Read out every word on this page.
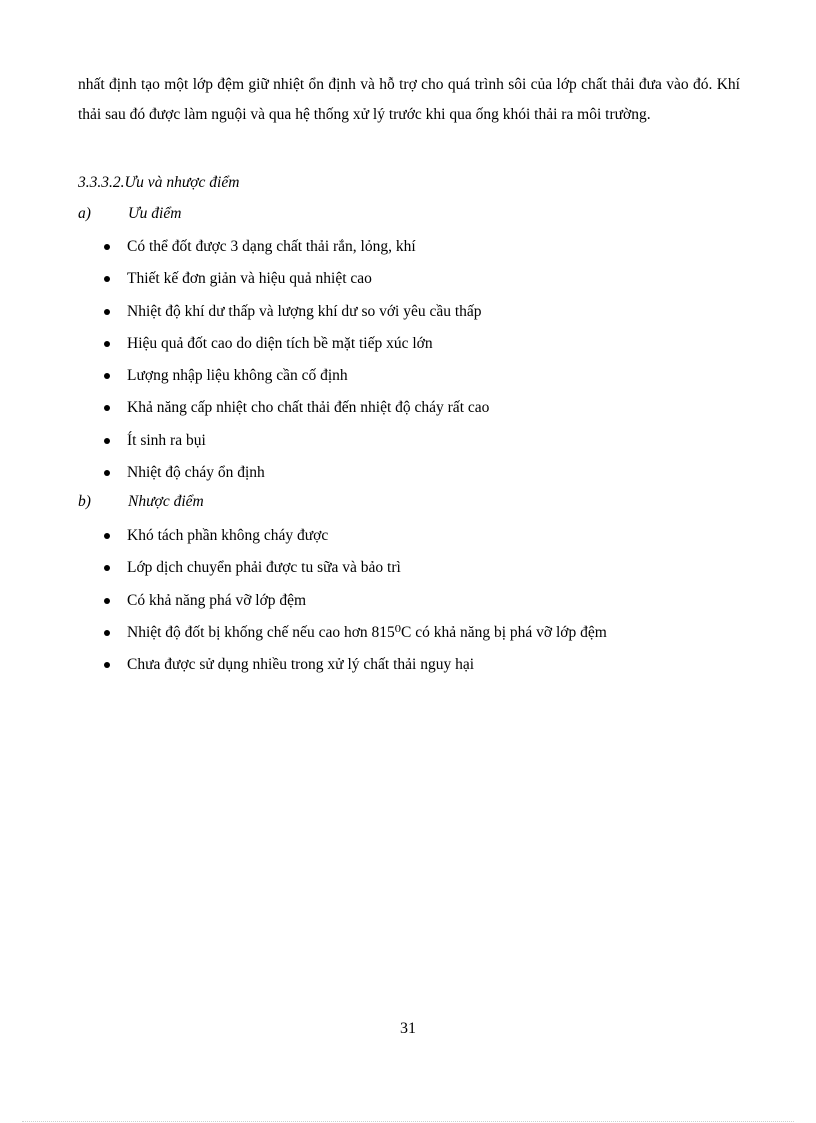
nhất định tạo một lớp đệm giữ nhiệt ổn định và hỗ trợ cho quá trình sôi của lớp chất thải đưa vào đó. Khí thải sau đó được làm nguội và qua hệ thống xử lý trước khi qua ống khói thải ra môi trường.
3.3.3.2.Ưu và nhược điểm
a) Ưu điểm
Có thể đốt được 3 dạng chất thải rắn, lỏng, khí
Thiết kế đơn giản và hiệu quả nhiệt cao
Nhiệt độ khí dư thấp và lượng khí dư so với yêu cầu thấp
Hiệu quả đốt cao do diện tích bề mặt tiếp xúc lớn
Lượng nhập liệu không cần cố định
Khả năng cấp nhiệt cho chất thải đến nhiệt độ cháy rất cao
Ít sinh ra bụi
Nhiệt độ cháy ổn định
b) Nhược điểm
Khó tách phần không cháy được
Lớp dịch chuyển phải được tu sữa và bảo trì
Có khả năng phá vỡ lớp đệm
Nhiệt độ đốt bị khống chế nếu cao hơn 815⁰C có khả năng bị phá vỡ lớp đệm
Chưa được sử dụng nhiều trong xử lý chất thải nguy hại
31
